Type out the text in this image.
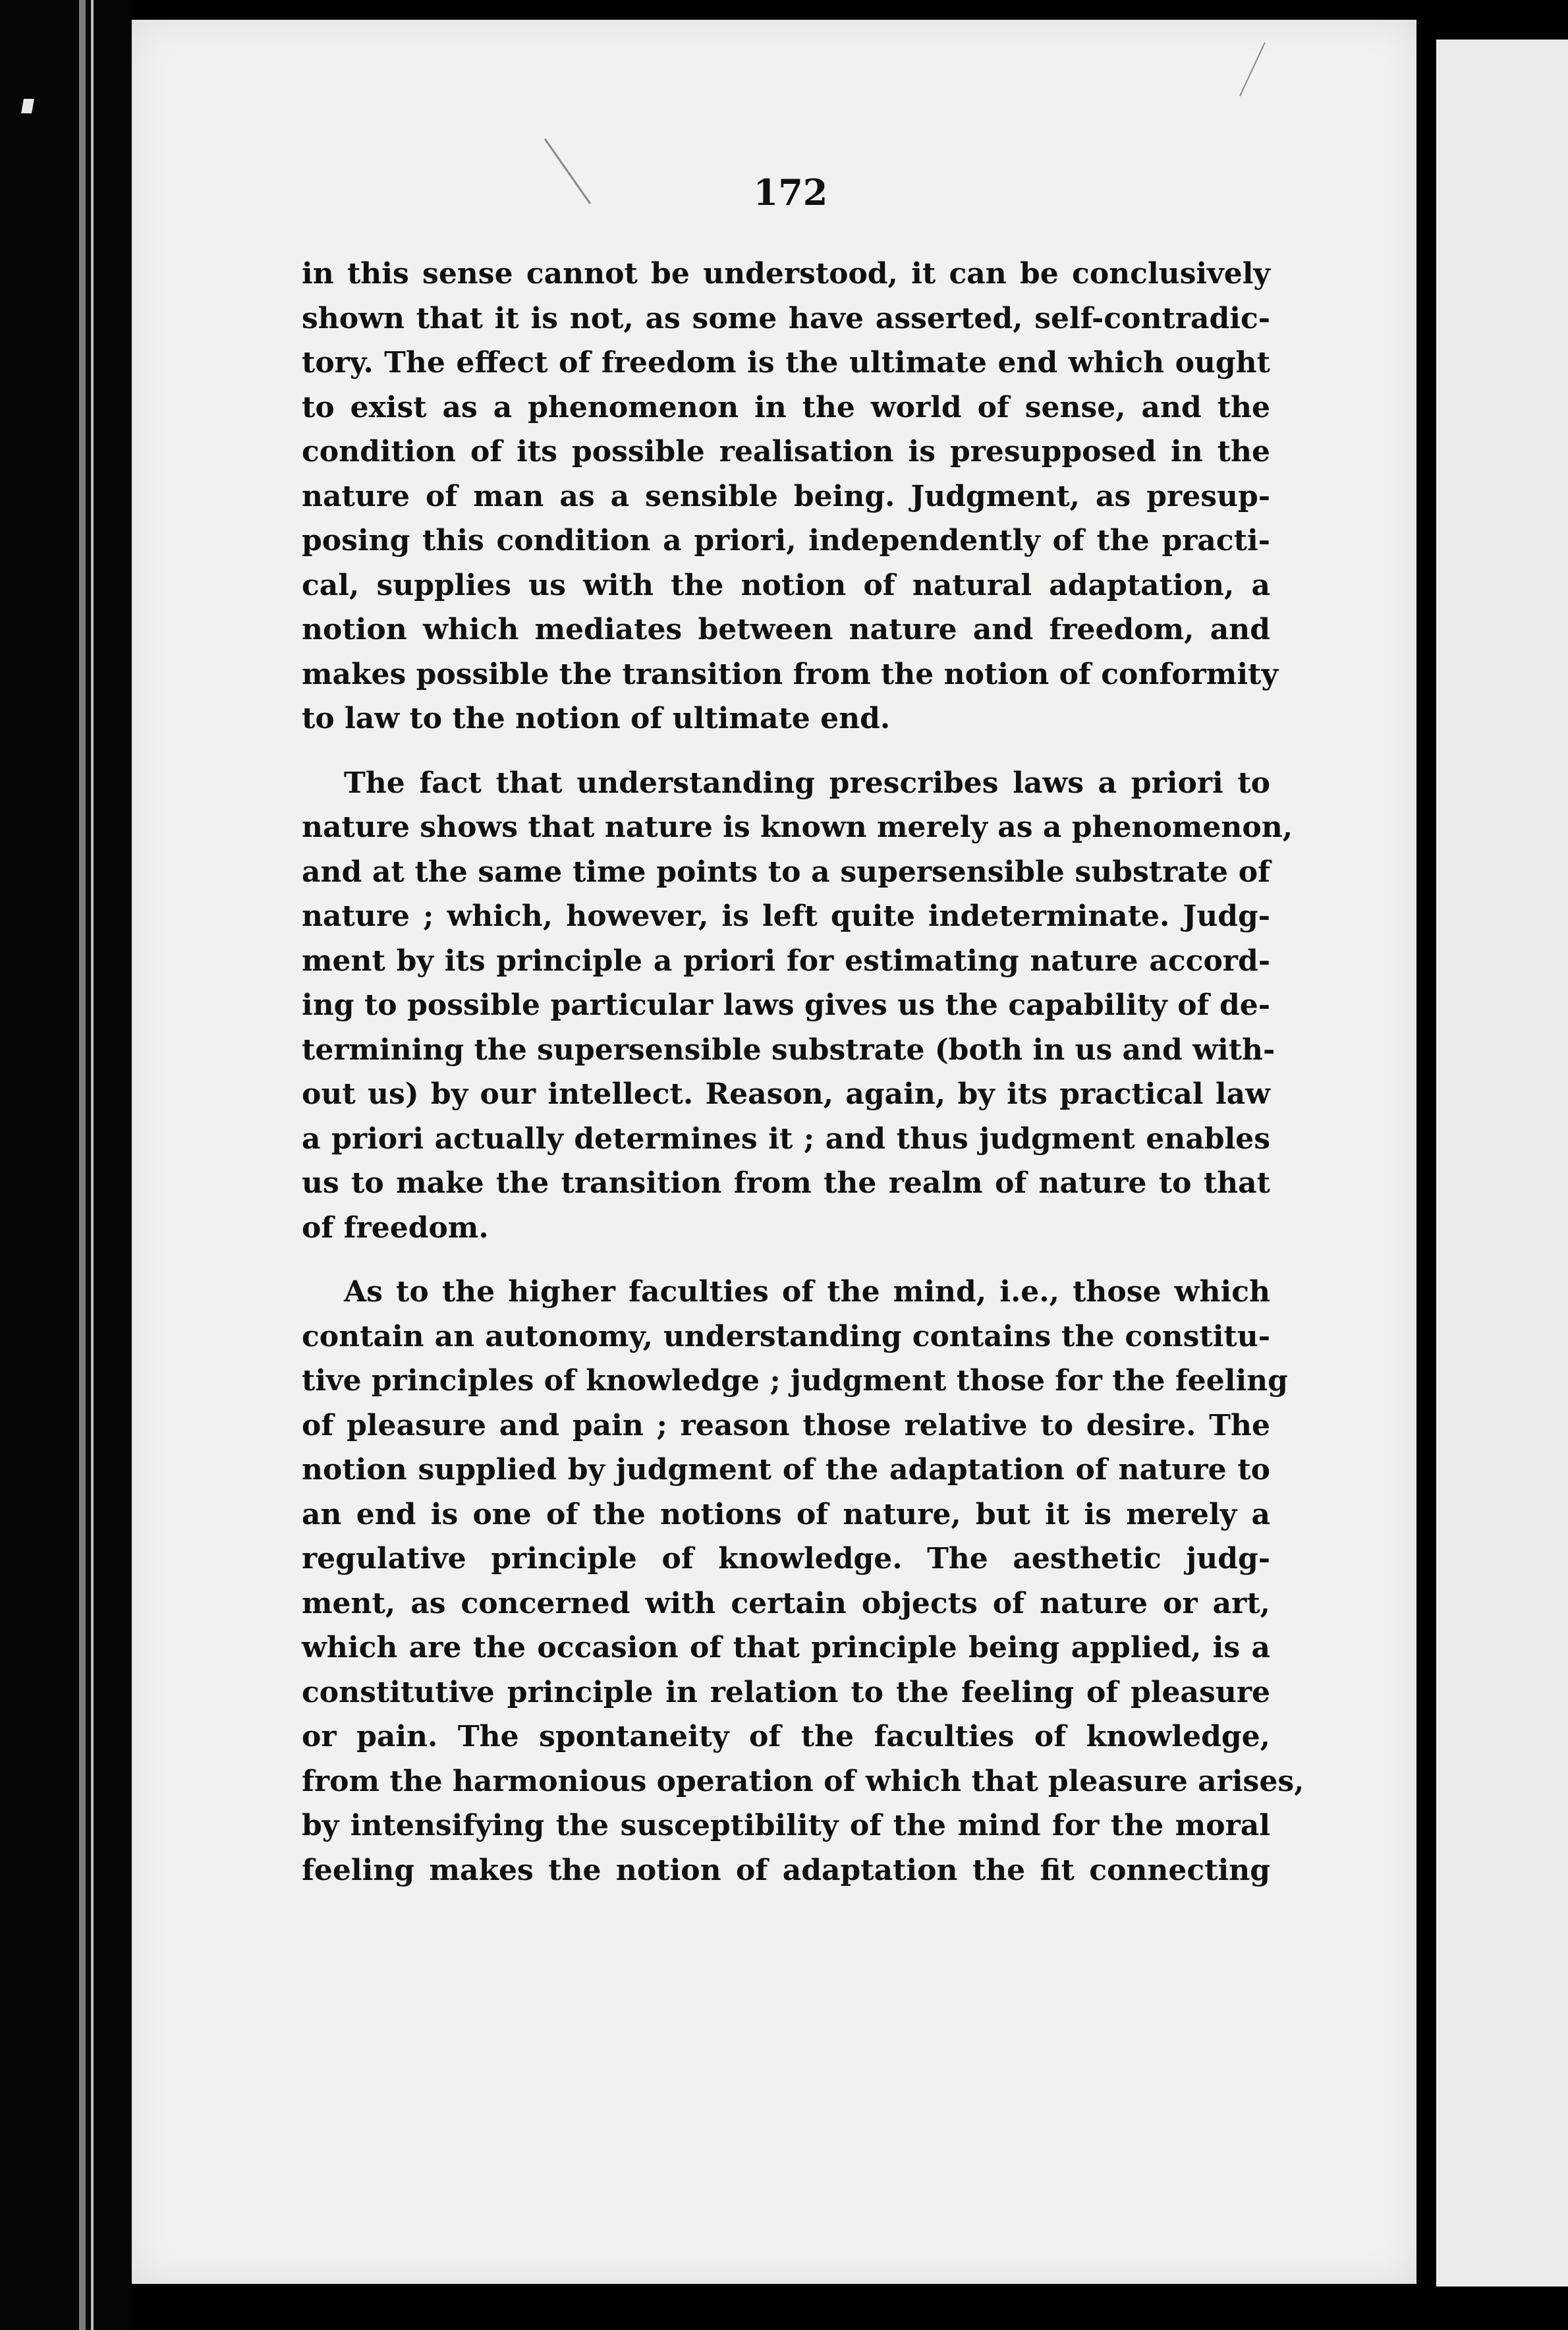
172
in this sense cannot be understood, it can be conclusively
shown that it is not, as some have asserted, self-contradic-
tory. The effect of freedom is the ultimate end which ought
to exist as a phenomenon in the world of sense, and the
condition of its possible realisation is presupposed in the
nature of man as a sensible being. Judgment, as presup-
posing this condition a priori, independently of the practi-
cal, supplies us with the notion of natural adaptation, a
notion which mediates between nature and freedom, and
makes possible the transition from the notion of conformity
to law to the notion of ultimate end.
The fact that understanding prescribes laws a priori to
nature shows that nature is known merely as a phenomenon,
and at the same time points to a supersensible substrate of
nature ; which, however, is left quite indeterminate. Judg-
ment by its principle a priori for estimating nature accord-
ing to possible particular laws gives us the capability of de-
termining the supersensible substrate (both in us and with-
out us) by our intellect. Reason, again, by its practical law
a priori actually determines it ; and thus judgment enables
us to make the transition from the realm of nature to that
of freedom.
As to the higher faculties of the mind, i.e., those which
contain an autonomy, understanding contains the constitu-
tive principles of knowledge ; judgment those for the feeling
of pleasure and pain ; reason those relative to desire. The
notion supplied by judgment of the adaptation of nature to
an end is one of the notions of nature, but it is merely a
regulative principle of knowledge. The aesthetic judg-
ment, as concerned with certain objects of nature or art,
which are the occasion of that principle being applied, is a
constitutive principle in relation to the feeling of pleasure
or pain. The spontaneity of the faculties of knowledge,
from the harmonious operation of which that pleasure arises,
by intensifying the susceptibility of the mind for the moral
feeling makes the notion of adaptation the fit connecting
